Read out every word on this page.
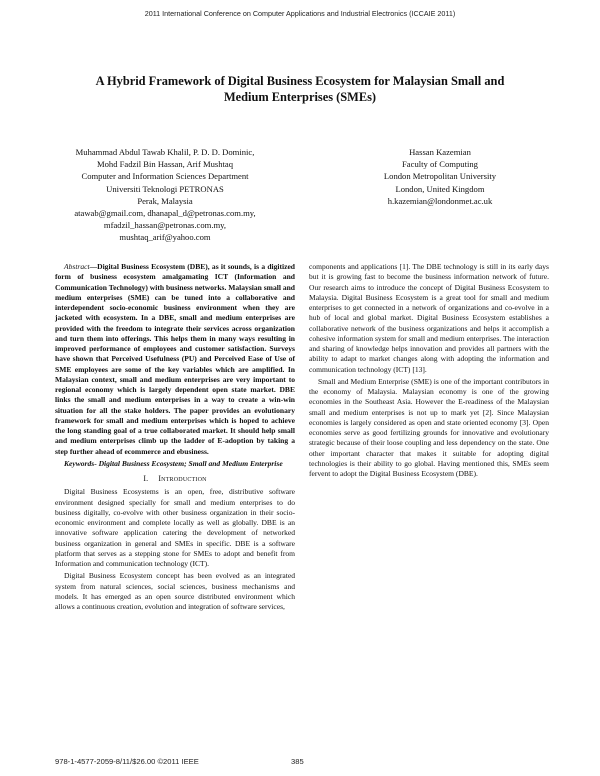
2011 International Conference on Computer Applications and Industrial Electronics (ICCAIE 2011)
A Hybrid Framework of Digital Business Ecosystem for Malaysian Small and
Medium Enterprises (SMEs)
Muhammad Abdul Tawab Khalil, P. D. D. Dominic,
Mohd Fadzil Bin Hassan, Arif Mushtaq
Computer and Information Sciences Department
Universiti Teknologi PETRONAS
Perak, Malaysia
atawab@gmail.com, dhanapal_d@petronas.com.my,
mfadzil_hassan@petronas.com.my,
mushtaq_arif@yahoo.com
Hassan Kazemian
Faculty of Computing
London Metropolitan University
London, United Kingdom
h.kazemian@londonmet.ac.uk

Abstract—Digital Business Ecosystem (DBE), as it sounds, is a digitized form of business ecosystem amalgamating ICT (Information and Communication Technology) with business networks. Malaysian small and medium enterprises (SME) can be tuned into a collaborative and interdependent socio-economic business environment when they are jacketed with ecosystem. In a DBE, small and medium enterprises are provided with the freedom to integrate their services across organization and turn them into offerings. This helps them in many ways resulting in improved performance of employees and customer satisfaction. Surveys have shown that Perceived Usefulness (PU) and Perceived Ease of Use of SME employees are some of the key variables which are amplified. In Malaysian context, small and medium enterprises are very important to regional economy which is largely dependent open state market. DBE links the small and medium enterprises in a way to create a win-win situation for all the stake holders. The paper provides an evolutionary framework for small and medium enterprises which is hoped to achieve the long standing goal of a true collaborated market. It should help small and medium enterprises climb up the ladder of E-adoption by taking a step further ahead of ecommerce and ebusiness.

Keywords- Digital Business Ecosystem; Small and Medium Enterprise

I. Introduction

Digital Business Ecosystems is an open, free, distributive software environment designed specially for small and medium enterprises to do business digitally, co-evolve with other business organization in their socio-economic environment and complete locally as well as globally. DBE is an innovative software application catering the development of networked business organization in general and SMEs in specific. DBE is a software platform that serves as a stepping stone for SMEs to adopt and benefit from Information and communication technology (ICT).

Digital Business Ecosystem concept has been evolved as an integrated system from natural sciences, social sciences, business mechanisms and models. It has emerged as an open source distributed environment which allows a continuous creation, evolution and integration of software services,

components and applications [1]. The DBE technology is still in its early days but it is growing fast to become the business information network of future. Our research aims to introduce the concept of Digital Business Ecosystem to Malaysia. Digital Business Ecosystem is a great tool for small and medium enterprises to get connected in a network of organizations and co-evolve in a hub of local and global market. Digital Business Ecosystem establishes a collaborative network of the business organizations and helps it accomplish a cohesive information system for small and medium enterprises. The interaction and sharing of knowledge helps innovation and provides all partners with the ability to adapt to market changes along with adopting the information and communication technology (ICT) [13].

Small and Medium Enterprise (SME) is one of the important contributors in the economy of Malaysia. Malaysian economy is one of the growing economies in the Southeast Asia. However the E-readiness of the Malaysian small and medium enterprises is not up to mark yet [2]. Since Malaysian economies is largely considered as open and state oriented economy [3]. Open economies serve as good fertilizing grounds for innovative and evolutionary strategic because of their loose coupling and less dependency on the state. One other important character that makes it suitable for adopting digital technologies is their ability to go global. Having mentioned this, SMEs seem fervent to adopt the Digital Business Ecosystem (DBE).

978-1-4577-2059-8/11/$26.00 ©2011 IEEE	385
